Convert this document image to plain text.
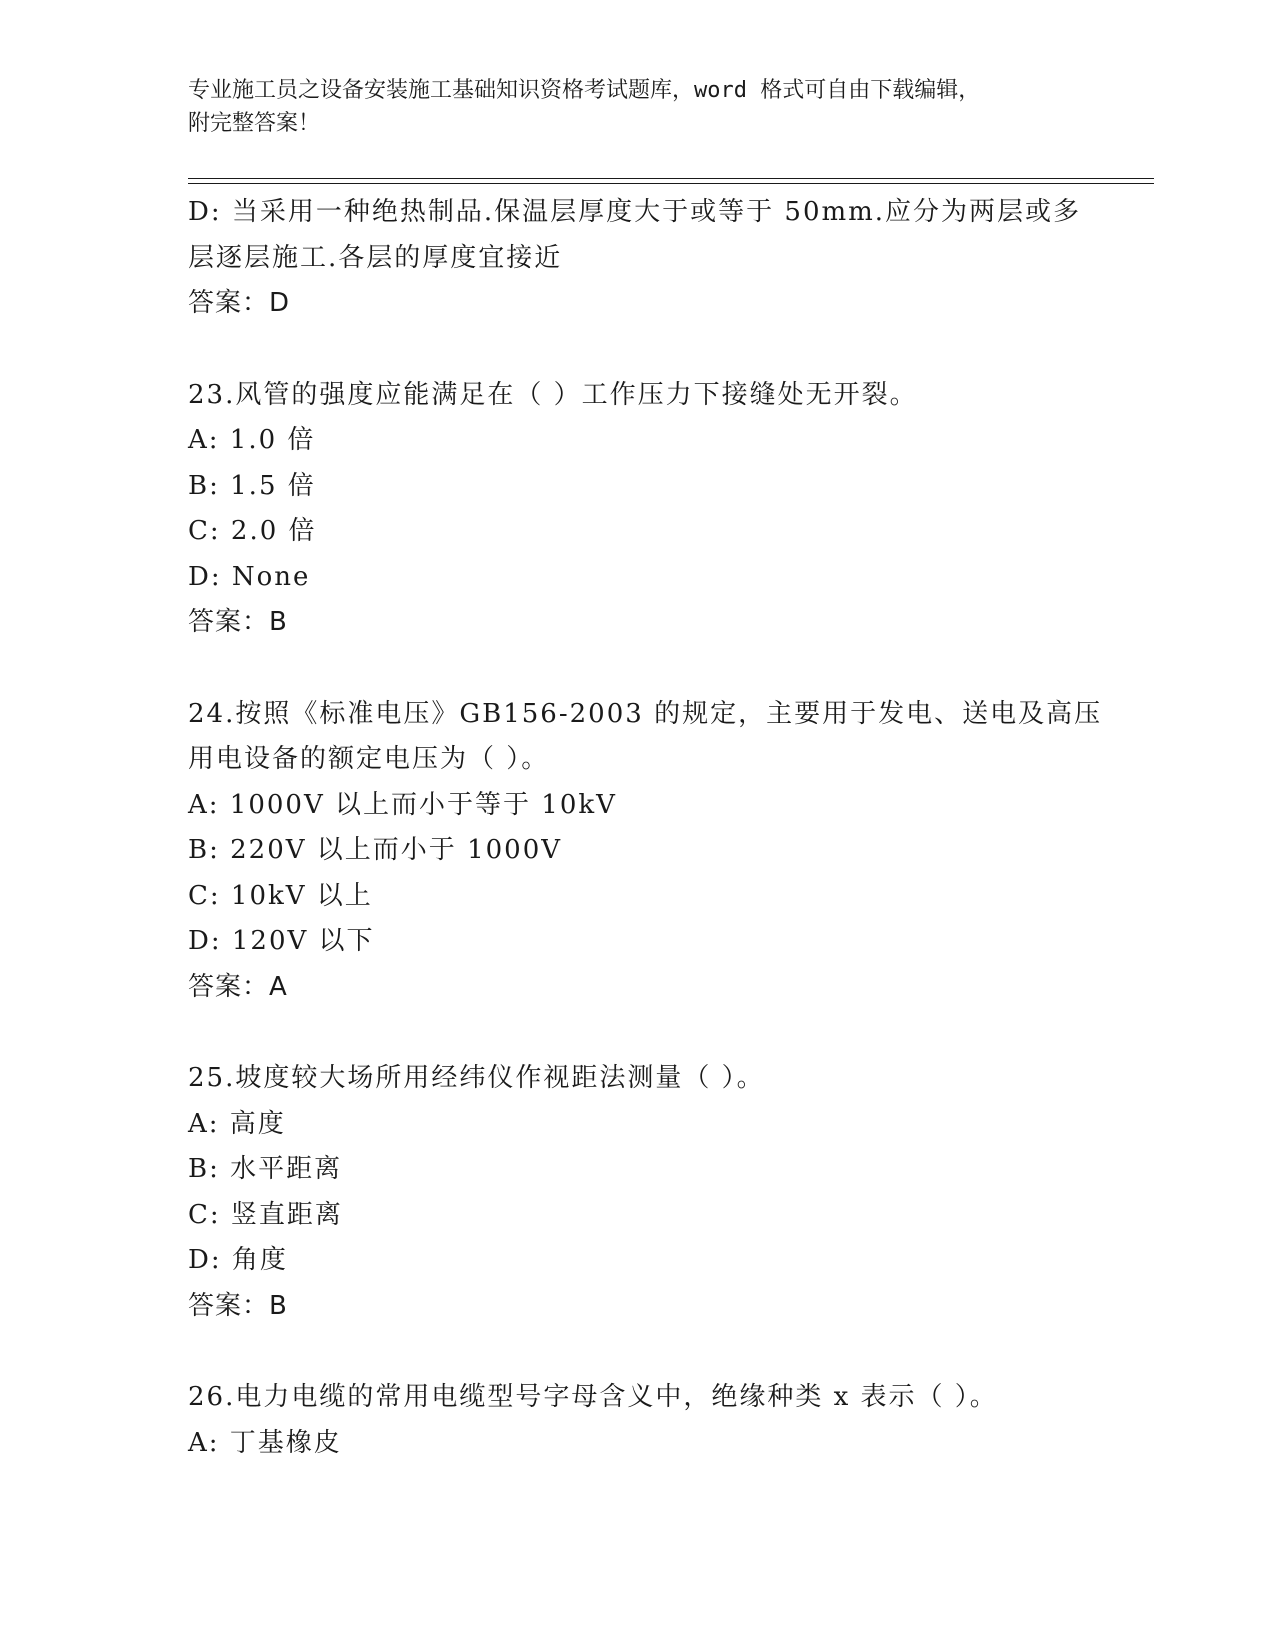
专业施工员之设备安装施工基础知识资格考试题库，word 格式可自由下载编辑，
附完整答案！
D: 当采用一种绝热制品.保温层厚度大于或等于 50mm.应分为两层或多
层逐层施工.各层的厚度宜接近
答案：D
23.风管的强度应能满足在（ ）工作压力下接缝处无开裂。
A: 1.0 倍
B: 1.5 倍
C: 2.0 倍
D: None
答案：B
24.按照《标准电压》GB156-2003 的规定，主要用于发电、送电及高压
用电设备的额定电压为（ ）。
A: 1000V 以上而小于等于 10kV
B: 220V 以上而小于 1000V
C: 10kV 以上
D: 120V 以下
答案：A
25.坡度较大场所用经纬仪作视距法测量（ ）。
A: 高度
B: 水平距离
C: 竖直距离
D: 角度
答案：B
26.电力电缆的常用电缆型号字母含义中，绝缘种类 x 表示（ ）。
A: 丁基橡皮
